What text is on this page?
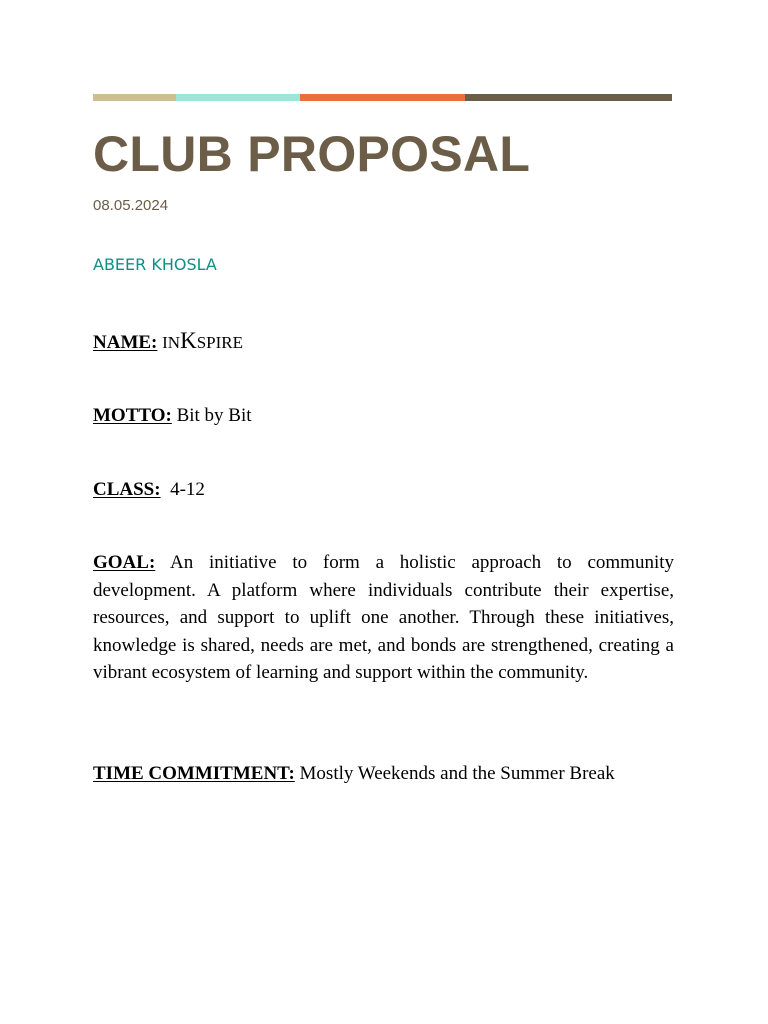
CLUB PROPOSAL
08.05.2024
ABEER KHOSLA

NAME: INKSPIRE

MOTTO: Bit by Bit

CLASS: 4-12

GOAL: An initiative to form a holistic approach to community development. A platform where individuals contribute their expertise, resources, and support to uplift one another. Through these initiatives, knowledge is shared, needs are met, and bonds are strengthened, creating a vibrant ecosystem of learning and support within the community.

TIME COMMITMENT: Mostly Weekends and the Summer Break
